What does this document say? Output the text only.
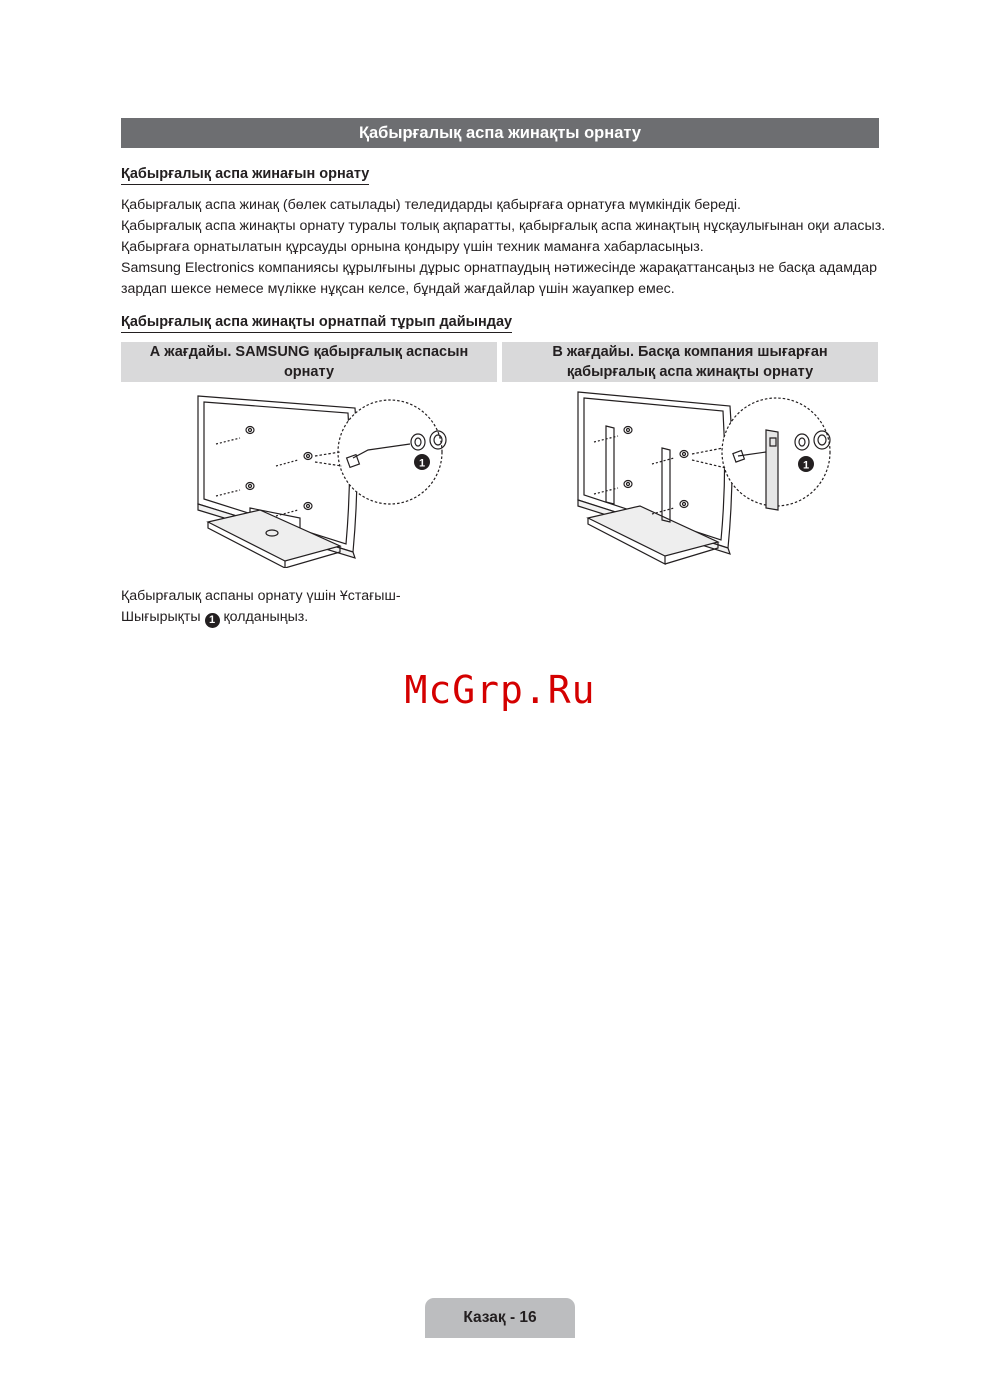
Қабырғалық аспа жинақты орнату
Қабырғалық аспа жинағын орнату

Қабырғалық аспа жинақ (бөлек сатылады) теледидарды қабырғаға орнатуға мүмкіндік береді.

Қабырғалық аспа жинақты орнату туралы толық ақпаратты, қабырғалық аспа жинақтың нұсқаулығынан оқи аласыз. Қабырғаға орнатылатын құрсауды орнына қондыру үшін техник маманға хабарласыңыз.

Samsung Electronics компаниясы құрылғыны дұрыс орнатпаудың нәтижесінде жарақаттансаңыз не басқа адамдар зардап шексе немесе мүлікке нұқсан келсе, бұндай жағдайлар үшін жауапкер емес.

Қабырғалық аспа жинақты орнатпай тұрып дайындау
А жағдайы. SAMSUNG қабырғалық аспасын
орнату
В жағдайы. Басқа компания шығарған
қабырғалық аспа жинақты орнату
1	1
Қабырғалық аспаны орнату үшін Ұстағыш-Шығырықты 1 қолданыңыз.
McGrp.Ru
Казақ - 16
